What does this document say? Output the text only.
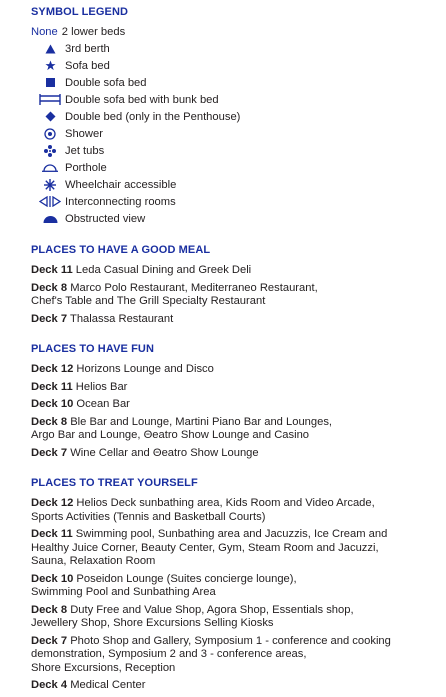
SYMBOL LEGEND
None 2 lower beds
3rd berth
Sofa bed
Double sofa bed
Double sofa bed with bunk bed
Double bed (only in the Penthouse)
Shower
Jet tubs
Porthole
Wheelchair accessible
Interconnecting rooms
Obstructed view
PLACES TO HAVE A GOOD MEAL
Deck 11 Leda Casual Dining and Greek Deli
Deck 8 Marco Polo Restaurant, Mediterraneo Restaurant,
Chef's Table and The Grill Specialty Restaurant
Deck 7 Thalassa Restaurant
PLACES TO HAVE FUN
Deck 12 Horizons Lounge and Disco
Deck 11 Helios Bar
Deck 10 Ocean Bar
Deck 8 Ble Bar and Lounge, Martini Piano Bar and Lounges,
Argo Bar and Lounge, Θeatro Show Lounge and Casino
Deck 7 Wine Cellar and Θeatro Show Lounge
PLACES TO TREAT YOURSELF
Deck 12 Helios Deck sunbathing area, Kids Room and Video Arcade,
Sports Activities (Tennis and Basketball Courts)
Deck 11 Swimming pool, Sunbathing area and Jacuzzis, Ice Cream and
Healthy Juice Corner, Beauty Center, Gym, Steam Room and Jacuzzi,
Sauna, Relaxation Room
Deck 10 Poseidon Lounge (Suites concierge lounge),
Swimming Pool and Sunbathing Area
Deck 8 Duty Free and Value Shop, Agora Shop, Essentials shop,
Jewellery Shop, Shore Excursions Selling Kiosks
Deck 7 Photo Shop and Gallery, Symposium 1 - conference and cooking
demonstration, Symposium 2 and 3 - conference areas,
Shore Excursions, Reception
Deck 4 Medical Center
